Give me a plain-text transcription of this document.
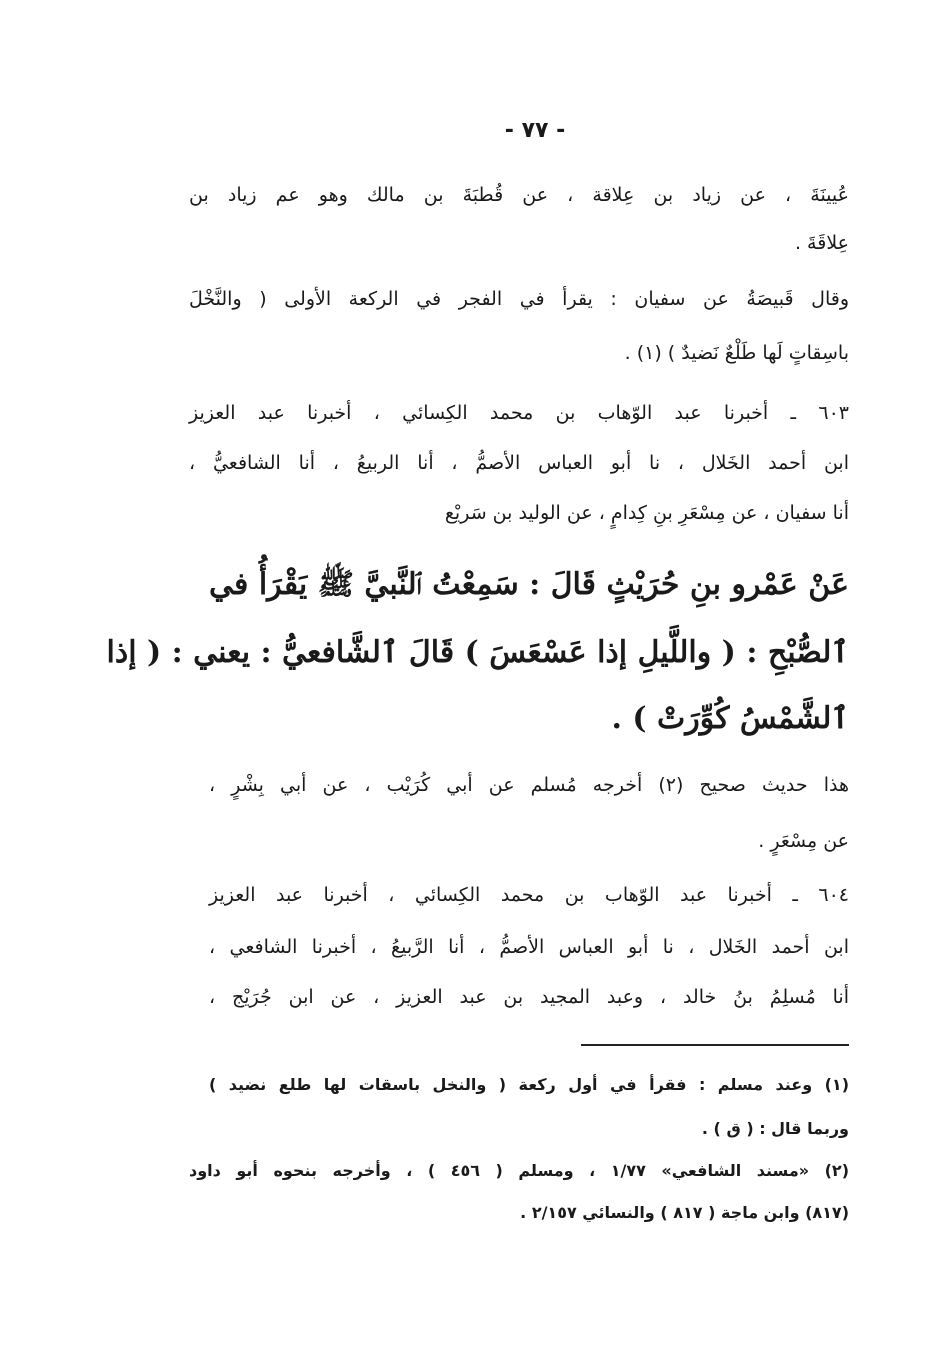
- ٧٧ -
عُيينَةَ ، عن زياد بن عِلاقة ، عن قُطبَةَ بن مالك وهو عم زياد بن
عِلاقَةَ .
وقال قَبيصَةُ عن سفيان : يقرأ في الفجر في الركعة الأولى ( والنَّخْلَ
باسِقاتٍ لَها طَلْعٌ نَضيدٌ ) (١) .
٦٠٣ ـ أخبرنا عبد الوّهاب بن محمد الكِسائي ، أخبرنا عبد العزيز
ابن أحمد الخَلال ، نا أبو العباس الأصمُّ ، أنا الربيعُ ، أنا الشافعيُّ ،
أنا سفيان ، عن مِسْعَرِ بنِ كِدامٍ ، عن الوليد بن سَريْع
عَنْ عَمْرو بنِ حُرَيْثٍ قَالَ : سَمِعْتُ ٱلنَّبيَّ ﷺ يَقْرَأُ في
ٱلصُّبْحِ : ( واللَّيلِ إذا عَسْعَسَ ) قَالَ ٱلشَّافعيُّ : يعني : ( إذا
ٱلشَّمْسُ كُوِّرَتْ ) .
هذا حديث صحيح (٢) أخرجه مُسلم عن أبي كُرَيْب ، عن أبي بِشْرٍ ،
عن مِسْعَرٍ .
٦٠٤ ـ أخبرنا عبد الوّهاب بن محمد الكِسائي ، أخبرنا عبد العزيز
ابن أحمد الخَلال ، نا أبو العباس الأصمُّ ، أنا الرَّبيعُ ، أخبرنا الشافعي ،
أنا مُسلِمُ بنُ خالد ، وعبد المجيد بن عبد العزيز ، عن ابن جُرَيْج ،
(١) وعند مسلم : فقرأ في أول ركعة ( والنخل باسقات لها طلع نضيد )
وربما قال : ( ق ) .
(٢) «مسند الشافعي» ١/٧٧ ، ومسلم ( ٤٥٦ ) ، وأخرجه بنحوه أبو داود
(٨١٧) وابن ماجة ( ٨١٧ ) والنسائي ٢/١٥٧ .
